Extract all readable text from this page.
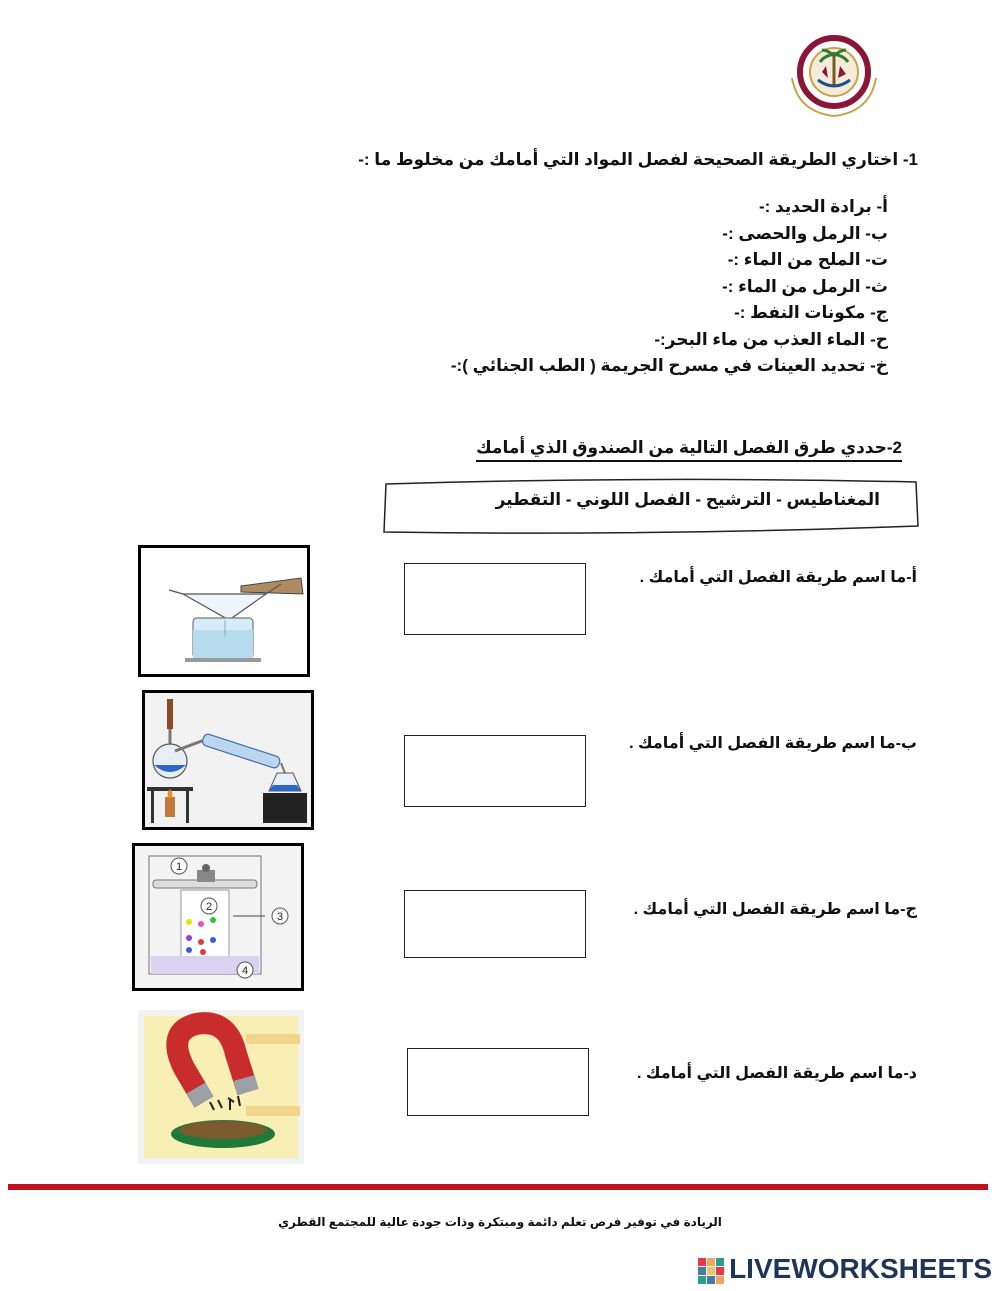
1- اختاري الطريقة الصحيحة لفصل المواد التي أمامك من مخلوط ما :-
أ- برادة الحديد :-
ب- الرمل والحصى :-
ت- الملح من الماء :-
ث- الرمل من الماء :-
ج- مكونات النفط :-
ح- الماء العذب من ماء البحر:-
خ- تحديد العينات في مسرح الجريمة ( الطب الجنائي ):-
2-حددي طرق الفصل التالية من الصندوق الذي أمامك
المغناطيس - الترشيح - الفصل اللوني - التقطير
أ-ما اسم طريقة الفصل التي أمامك .
ب-ما اسم طريقة الفصل التي أمامك .
ج-ما اسم طريقة الفصل التي أمامك .
1
2
3
4
د-ما اسم طريقة الفصل التي أمامك .
الريادة في توفير فرص تعلم دائمة ومبتكرة وذات جودة عالية للمجتمع القطري
LIVEWORKSHEETS
